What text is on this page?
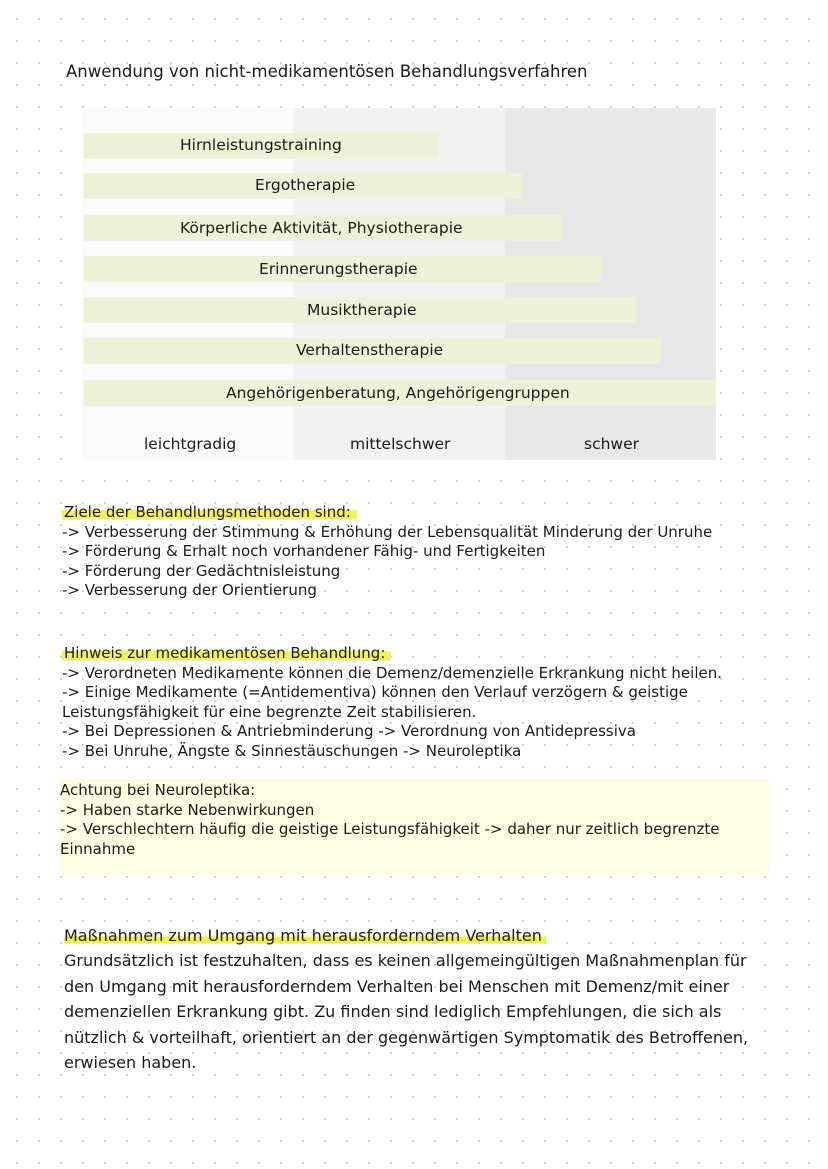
Anwendung von nicht-medikamentösen Behandlungsverfahren
Hirnleistungstraining
Ergotherapie
Körperliche Aktivität, Physiotherapie
Erinnerungstherapie
Musiktherapie
Verhaltenstherapie
Angehörigenberatung, Angehörigengruppen
leichtgradig	mittelschwer	schwer
Ziele der Behandlungsmethoden sind:
-> Verbesserung der Stimmung & Erhöhung der Lebensqualität Minderung der Unruhe
-> Förderung & Erhalt noch vorhandener Fähig- und Fertigkeiten
-> Förderung der Gedächtnisleistung
-> Verbesserung der Orientierung
Hinweis zur medikamentösen Behandlung:
-> Verordneten Medikamente können die Demenz/demenzielle Erkrankung nicht heilen.
-> Einige Medikamente (=Antidementiva) können den Verlauf verzögern & geistige
Leistungsfähigkeit für eine begrenzte Zeit stabilisieren.
-> Bei Depressionen & Antriebminderung -> Verordnung von Antidepressiva
-> Bei Unruhe, Ängste & Sinnestäuschungen -> Neuroleptika
Achtung bei Neuroleptika:
-> Haben starke Nebenwirkungen
-> Verschlechtern häufig die geistige Leistungsfähigkeit -> daher nur zeitlich begrenzte
Einnahme
Maßnahmen zum Umgang mit herausforderndem Verhalten
Grundsätzlich ist festzuhalten, dass es keinen allgemeingültigen Maßnahmenplan für
den Umgang mit herausforderndem Verhalten bei Menschen mit Demenz/mit einer
demenziellen Erkrankung gibt. Zu finden sind lediglich Empfehlungen, die sich als
nützlich & vorteilhaft, orientiert an der gegenwärtigen Symptomatik des Betroffenen,
erwiesen haben.
